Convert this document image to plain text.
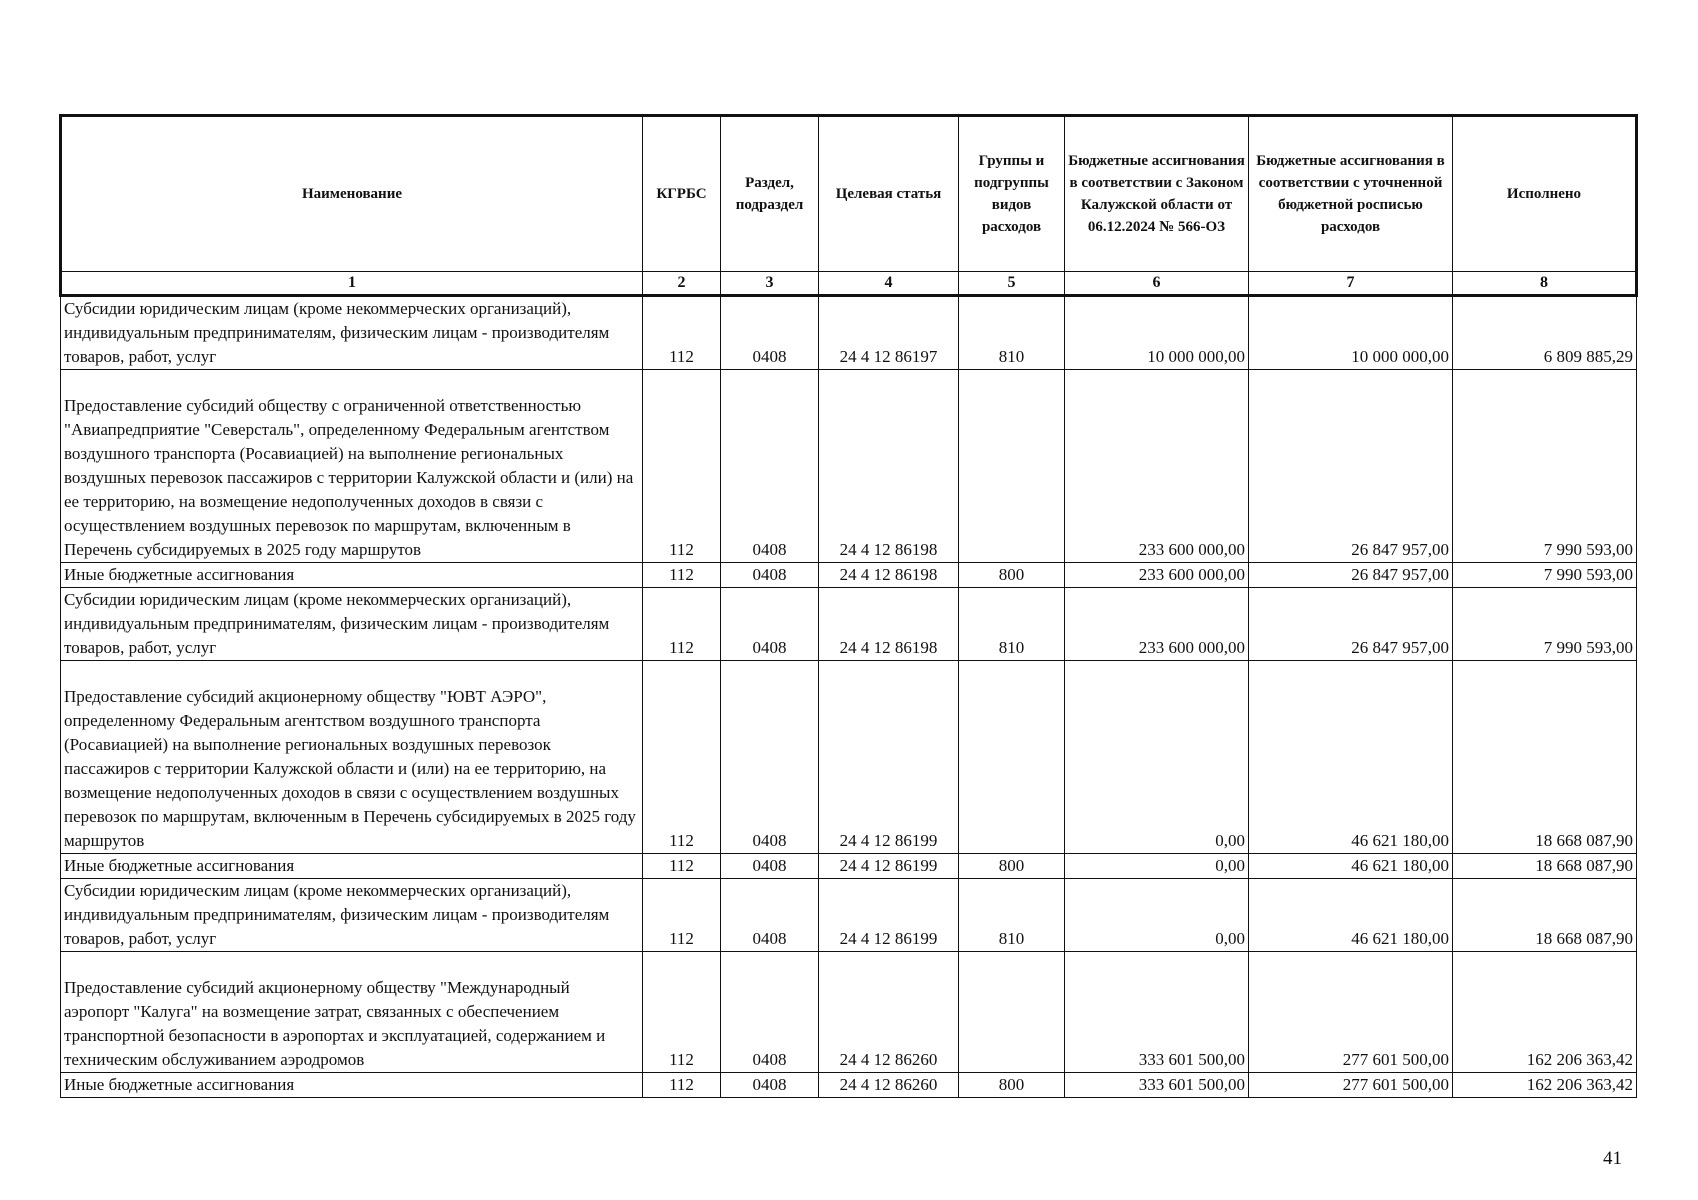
Наименование	КГРБС	Раздел, подраздел	Целевая статья	Группы и подгруппы видов расходов	Бюджетные ассигнования в соответствии с Законом Калужской области от 06.12.2024 № 566-ОЗ	Бюджетные ассигнования в соответствии с уточненной бюджетной росписью расходов	Исполнено
1	2	3	4	5	6	7	8
Субсидии юридическим лицам (кроме некоммерческих организаций), индивидуальным предпринимателям, физическим лицам - производителям товаров, работ, услуг	112	0408	24 4 12 86197	810	10 000 000,00	10 000 000,00	6 809 885,29
Предоставление субсидий обществу с ограниченной ответственностью "Авиапредприятие "Северсталь", определенному Федеральным агентством воздушного транспорта (Росавиацией) на выполнение региональных воздушных перевозок пассажиров с территории Калужской области и (или) на ее территорию, на возмещение недополученных доходов в связи с осуществлением воздушных перевозок по маршрутам, включенным в Перечень субсидируемых в 2025 году маршрутов	112	0408	24 4 12 86198		233 600 000,00	26 847 957,00	7 990 593,00
Иные бюджетные ассигнования	112	0408	24 4 12 86198	800	233 600 000,00	26 847 957,00	7 990 593,00
Субсидии юридическим лицам (кроме некоммерческих организаций), индивидуальным предпринимателям, физическим лицам - производителям товаров, работ, услуг	112	0408	24 4 12 86198	810	233 600 000,00	26 847 957,00	7 990 593,00
Предоставление субсидий акционерному обществу "ЮВТ АЭРО", определенному Федеральным агентством воздушного транспорта (Росавиацией) на выполнение региональных воздушных перевозок пассажиров с территории Калужской области и (или) на ее территорию, на возмещение недополученных доходов в связи с осуществлением воздушных перевозок по маршрутам, включенным в Перечень субсидируемых в 2025 году маршрутов	112	0408	24 4 12 86199		0,00	46 621 180,00	18 668 087,90
Иные бюджетные ассигнования	112	0408	24 4 12 86199	800	0,00	46 621 180,00	18 668 087,90
Субсидии юридическим лицам (кроме некоммерческих организаций), индивидуальным предпринимателям, физическим лицам - производителям товаров, работ, услуг	112	0408	24 4 12 86199	810	0,00	46 621 180,00	18 668 087,90
Предоставление субсидий акционерному обществу "Международный аэропорт "Калуга" на возмещение затрат, связанных с обеспечением транспортной безопасности в аэропортах и эксплуатацией, содержанием и техническим обслуживанием аэродромов	112	0408	24 4 12 86260		333 601 500,00	277 601 500,00	162 206 363,42
Иные бюджетные ассигнования	112	0408	24 4 12 86260	800	333 601 500,00	277 601 500,00	162 206 363,42
41
